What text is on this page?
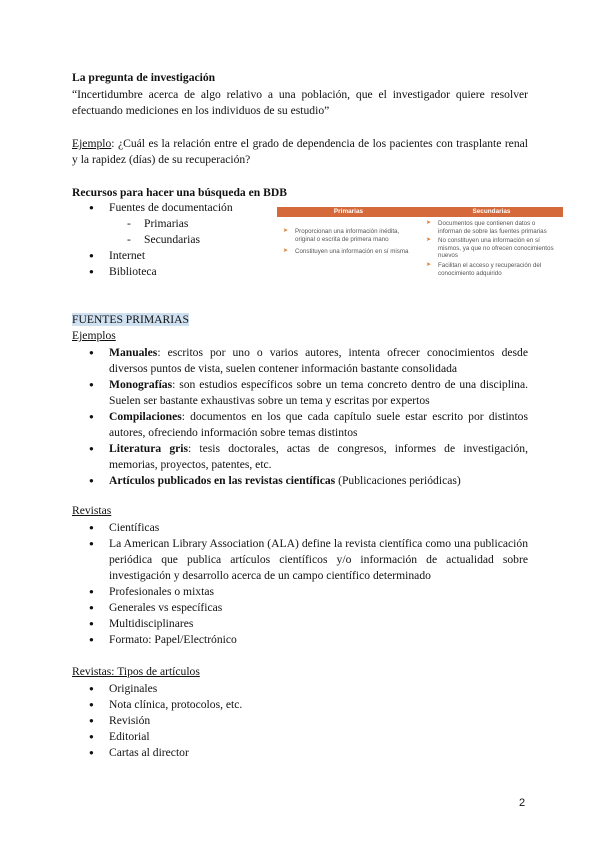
La pregunta de investigación
“Incertidumbre acerca de algo relativo a una población, que el investigador quiere resolver efectuando mediciones en los individuos de su estudio”
Ejemplo: ¿Cuál es la relación entre el grado de dependencia de los pacientes con trasplante renal y la rapidez (días) de su recuperación?
Recursos para hacer una búsqueda en BDB
● Fuentes de documentación
- Primarias
- Secundarias
● Internet
● Biblioteca
Primarias	Secundarias
➤ Proporcionan una información inédita, original o escrita de primera mano
➤ Constituyen una información en sí misma
➤ Documentos que contienen datos o informan de sobre las fuentes primarias
➤ No constituyen una información en sí mismos, ya que no ofrecen conocimientos nuevos
➤ Facilitan el acceso y recuperación del conocimiento adquirido
FUENTES PRIMARIAS
Ejemplos
● Manuales: escritos por uno o varios autores, intenta ofrecer conocimientos desde diversos puntos de vista, suelen contener información bastante consolidada
● Monografías: son estudios específicos sobre un tema concreto dentro de una disciplina. Suelen ser bastante exhaustivas sobre un tema y escritas por expertos
● Compilaciones: documentos en los que cada capítulo suele estar escrito por distintos autores, ofreciendo información sobre temas distintos
● Literatura gris: tesis doctorales, actas de congresos, informes de investigación, memorias, proyectos, patentes, etc.
● Artículos publicados en las revistas científicas (Publicaciones periódicas)
Revistas
● Científicas
● La American Library Association (ALA) define la revista científica como una publicación periódica que publica artículos científicos y/o información de actualidad sobre investigación y desarrollo acerca de un campo científico determinado
● Profesionales o mixtas
● Generales vs específicas
● Multidisciplinares
● Formato: Papel/Electrónico
Revistas: Tipos de artículos
● Originales
● Nota clínica, protocolos, etc.
● Revisión
● Editorial
● Cartas al director
2
